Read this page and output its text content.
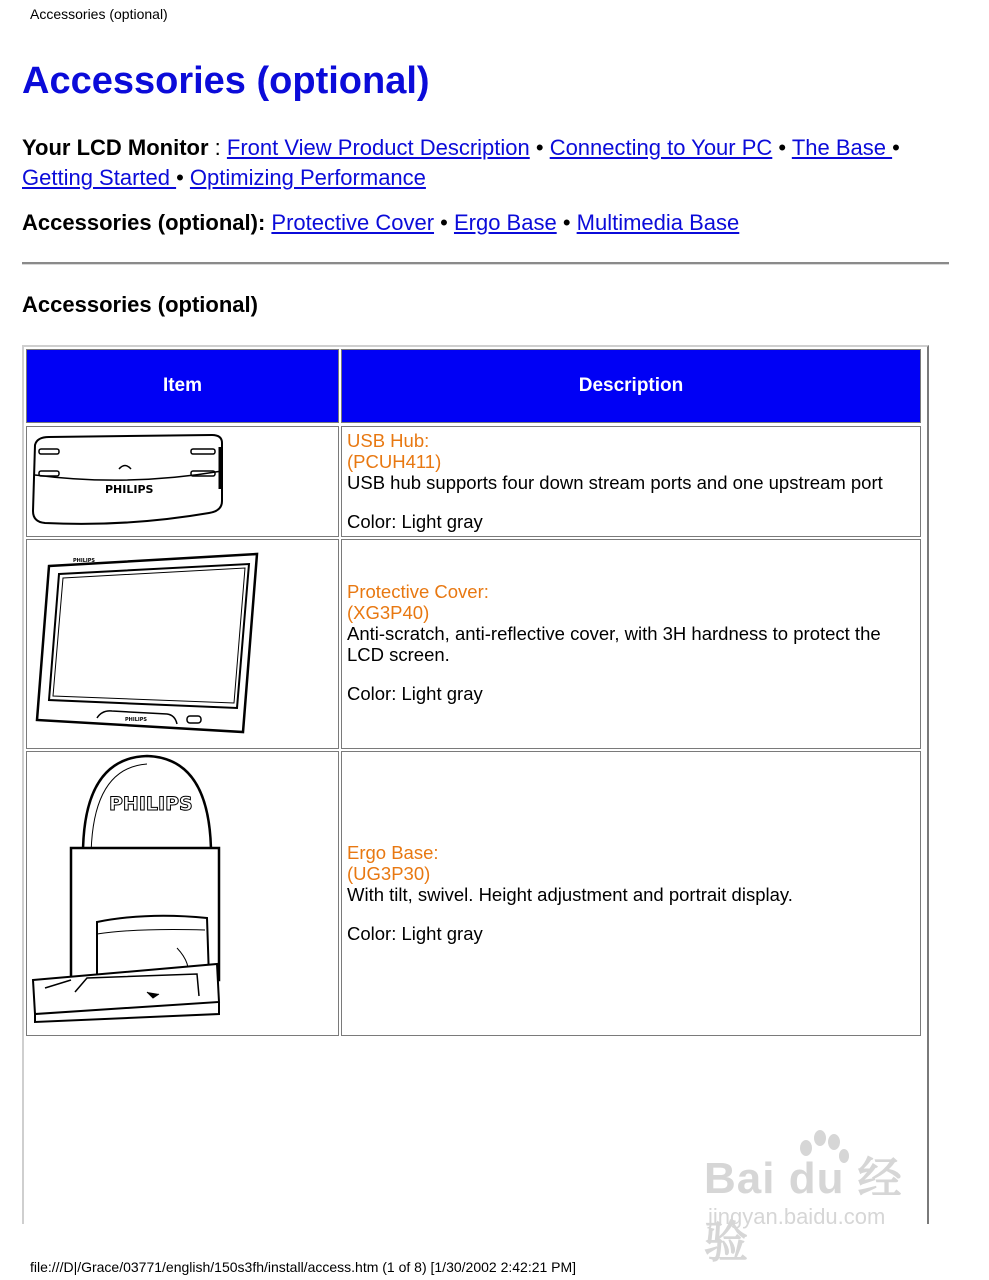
Accessories (optional)
Accessories (optional)
Your LCD Monitor : Front View Product Description • Connecting to Your PC • The Base • Getting Started • Optimizing Performance
Accessories (optional): Protective Cover • Ergo Base • Multimedia Base
Accessories (optional)
Item	Description
PHILIPS
USB Hub:
(PCUH411)

USB hub supports four down stream ports and one upstream port

Color: Light gray

PHILIPS
PHILIPS
Protective Cover:
(XG3P40)

Anti-scratch, anti-reflective cover, with 3H hardness to protect the LCD screen.

Color: Light gray

PHILIPS
Ergo Base:
(UG3P30)

With tilt, swivel. Height adjustment and portrait display.

Color: Light gray

Bai du 经验
jingyan.baidu.com
file:///D|/Grace/03771/english/150s3fh/install/access.htm (1 of 8) [1/30/2002 2:42:21 PM]
